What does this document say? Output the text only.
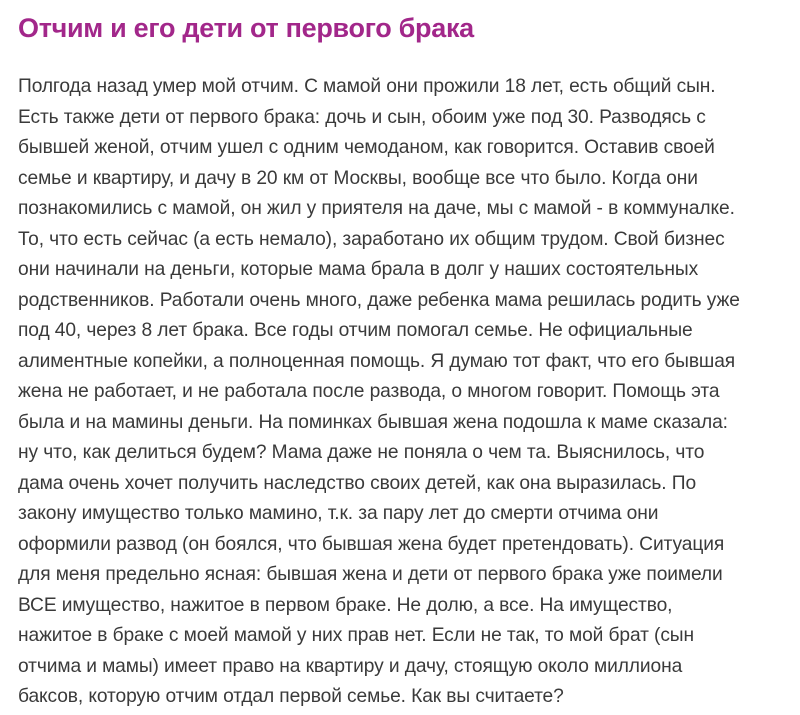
Отчим и его дети от первого брака
Полгода назад умер мой отчим. С мамой они прожили 18 лет, есть общий сын.
Есть также дети от первого брака: дочь и сын, обоим уже под 30. Разводясь с
бывшей женой, отчим ушел с одним чемоданом, как говорится. Оставив своей
семье и квартиру, и дачу в 20 км от Москвы, вообще все что было. Когда они
познакомились с мамой, он жил у приятеля на даче, мы с мамой - в коммуналке.
То, что есть сейчас (а есть немало), заработано их общим трудом. Свой бизнес
они начинали на деньги, которые мама брала в долг у наших состоятельных
родственников. Работали очень много, даже ребенка мама решилась родить уже
под 40, через 8 лет брака. Все годы отчим помогал семье. Не официальные
алиментные копейки, а полноценная помощь. Я думаю тот факт, что его бывшая
жена не работает, и не работала после развода, о многом говорит. Помощь эта
была и на мамины деньги. На поминках бывшая жена подошла к маме сказала:
ну что, как делиться будем? Мама даже не поняла о чем та. Выяснилось, что
дама очень хочет получить наследство своих детей, как она выразилась. По
закону имущество только мамино, т.к. за пару лет до смерти отчима они
оформили развод (он боялся, что бывшая жена будет претендовать). Ситуация
для меня предельно ясная: бывшая жена и дети от первого брака уже поимели
ВСЕ имущество, нажитое в первом браке. Не долю, а все. На имущество,
нажитое в браке с моей мамой у них прав нет. Если не так, то мой брат (сын
отчима и мамы) имеет право на квартиру и дачу, стоящую около миллиона
баксов, которую отчим отдал первой семье. Как вы считаете?
